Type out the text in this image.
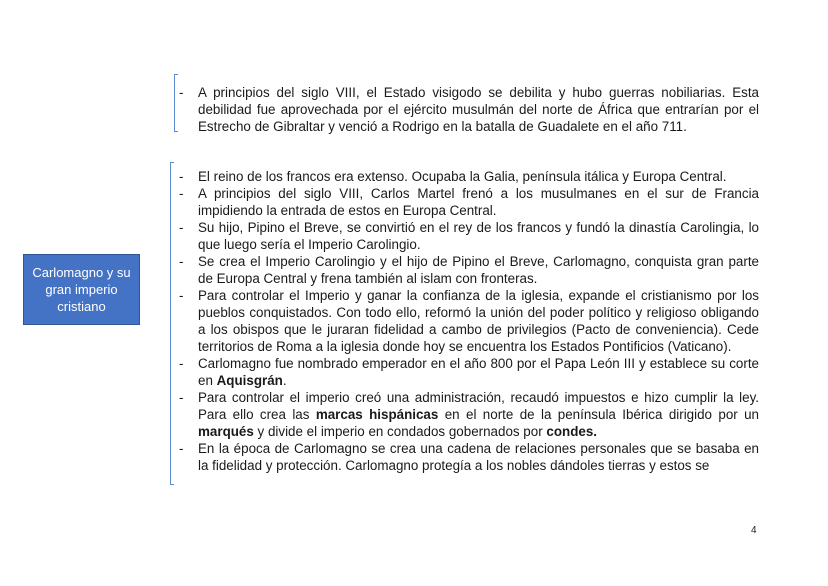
- A principios del siglo VIII, el Estado visigodo se debilita y hubo guerras nobiliarias. Esta debilidad fue aprovechada por el ejército musulmán del norte de África que entrarían por el Estrecho de Gibraltar y venció a Rodrigo en la batalla de Guadalete en el año 711.
Carlomagno y su gran imperio cristiano
- El reino de los francos era extenso. Ocupaba la Galia, península itálica y Europa Central.
- A principios del siglo VIII, Carlos Martel frenó a los musulmanes en el sur de Francia impidiendo la entrada de estos en Europa Central.
- Su hijo, Pipino el Breve, se convirtió en el rey de los francos y fundó la dinastía Carolingia, lo que luego sería el Imperio Carolingio.
- Se crea el Imperio Carolingio y el hijo de Pipino el Breve, Carlomagno, conquista gran parte de Europa Central y frena también al islam con fronteras.
- Para controlar el Imperio y ganar la confianza de la iglesia, expande el cristianismo por los pueblos conquistados. Con todo ello, reformó la unión del poder político y religioso obligando a los obispos que le juraran fidelidad a cambo de privilegios (Pacto de conveniencia). Cede territorios de Roma a la iglesia donde hoy se encuentra los Estados Pontificios (Vaticano).
- Carlomagno fue nombrado emperador en el año 800 por el Papa León III y establece su corte en Aquisgrán.
- Para controlar el imperio creó una administración, recaudó impuestos e hizo cumplir la ley. Para ello crea las marcas hispánicas en el norte de la península Ibérica dirigido por un marqués y divide el imperio en condados gobernados por condes.
- En la época de Carlomagno se crea una cadena de relaciones personales que se basaba en la fidelidad y protección. Carlomagno protegía a los nobles dándoles tierras y estos se
4
